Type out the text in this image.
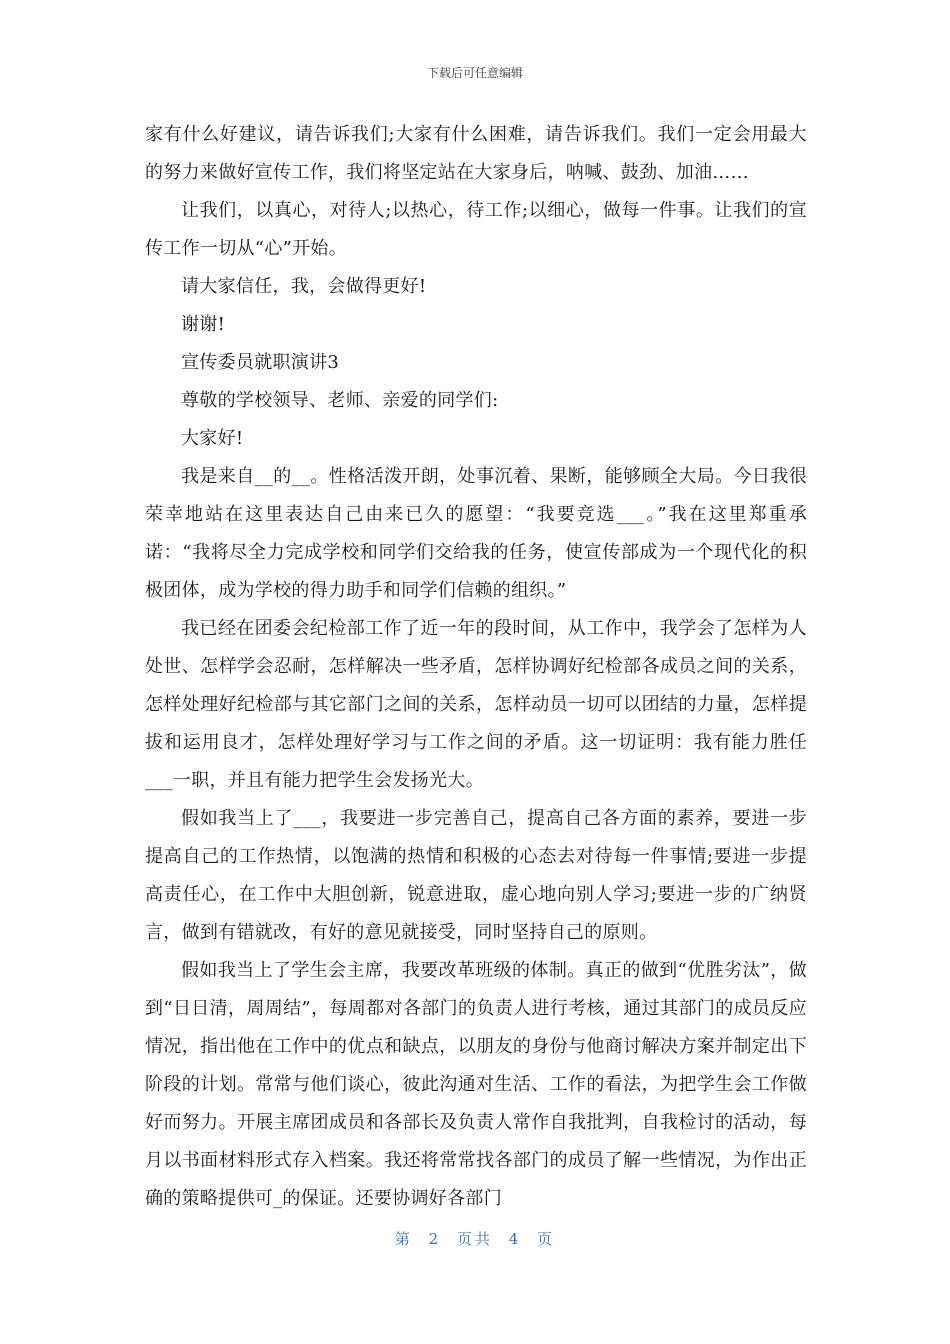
下载后可任意编辑

家有什么好建议，请告诉我们;大家有什么困难，请告诉我们。我们一定会用最大的努力来做好宣传工作，我们将坚定站在大家身后，呐喊、鼓劲、加油……

让我们，以真心，对待人;以热心，待工作;以细心，做每一件事。让我们的宣传工作一切从“心”开始。

请大家信任，我，会做得更好!

谢谢!

宣传委员就职演讲3

尊敬的学校领导、老师、亲爱的同学们:

大家好!

我是来自__的__。性格活泼开朗，处事沉着、果断，能够顾全大局。今日我很荣幸地站在这里表达自己由来已久的愿望：“我要竞选___。”我在这里郑重承诺：“我将尽全力完成学校和同学们交给我的任务，使宣传部成为一个现代化的积极团体，成为学校的得力助手和同学们信赖的组织。”

我已经在团委会纪检部工作了近一年的段时间，从工作中，我学会了怎样为人处世、怎样学会忍耐，怎样解决一些矛盾，怎样协调好纪检部各成员之间的关系，怎样处理好纪检部与其它部门之间的关系，怎样动员一切可以团结的力量，怎样提拔和运用良才，怎样处理好学习与工作之间的矛盾。这一切证明：我有能力胜任___一职，并且有能力把学生会发扬光大。

假如我当上了___，我要进一步完善自己，提高自己各方面的素养，要进一步提高自己的工作热情，以饱满的热情和积极的心态去对待每一件事情;要进一步提高责任心，在工作中大胆创新，锐意进取，虚心地向别人学习;要进一步的广纳贤言，做到有错就改，有好的意见就接受，同时坚持自己的原则。

假如我当上了学生会主席，我要改革班级的体制。真正的做到“优胜劣汰”，做到“日日清，周周结”，每周都对各部门的负责人进行考核，通过其部门的成员反应情况，指出他在工作中的优点和缺点，以朋友的身份与他商讨解决方案并制定出下阶段的计划。常常与他们谈心，彼此沟通对生活、工作的看法，为把学生会工作做好而努力。开展主席团成员和各部长及负责人常作自我批判，自我检讨的活动，每月以书面材料形式存入档案。我还将常常找各部门的成员了解一些情况，为作出正确的策略提供可_的保证。还要协调好各部门

第 2 页共 4 页
